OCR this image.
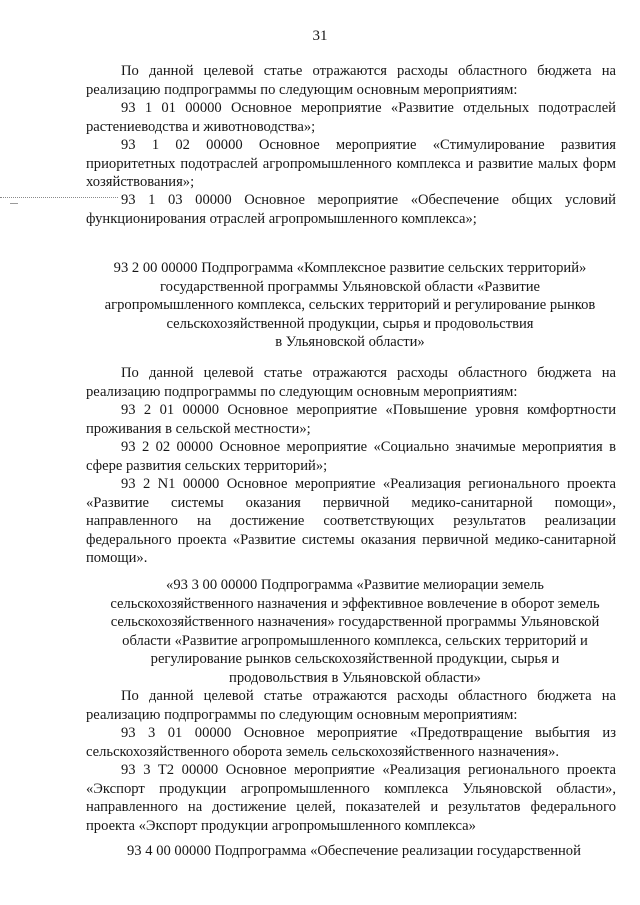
31
По данной целевой статье отражаются расходы областного бюджета на реализацию подпрограммы по следующим основным мероприятиям:
93 1 01 00000 Основное мероприятие «Развитие отдельных подотраслей растениеводства и животноводства»;
93 1 02 00000 Основное мероприятие «Стимулирование развития приоритетных подотраслей агропромышленного комплекса и развитие малых форм хозяйствования»;
93 1 03 00000 Основное мероприятие «Обеспечение общих условий функционирования отраслей агропромышленного комплекса»;
93 2 00 00000 Подпрограмма «Комплексное развитие сельских территорий»
государственной программы Ульяновской области «Развитие
агропромышленного комплекса, сельских территорий и регулирование рынков
сельскохозяйственной продукции, сырья и продовольствия
в Ульяновской области»
По данной целевой статье отражаются расходы областного бюджета на реализацию подпрограммы по следующим основным мероприятиям:
93 2 01 00000 Основное мероприятие «Повышение уровня комфортности проживания в сельской местности»;
93 2 02 00000 Основное мероприятие «Социально значимые мероприятия в сфере развития сельских территорий»;
93 2 N1 00000 Основное мероприятие «Реализация регионального проекта «Развитие системы оказания первичной медико-санитарной помощи», направленного на достижение соответствующих результатов реализации федерального проекта «Развитие системы оказания первичной медико-санитарной помощи».
«93 3 00 00000 Подпрограмма «Развитие мелиорации земель
сельскохозяйственного назначения и эффективное вовлечение в оборот земель
сельскохозяйственного назначения» государственной программы Ульяновской
области «Развитие агропромышленного комплекса, сельских территорий и
регулирование рынков сельскохозяйственной продукции, сырья и
продовольствия в Ульяновской области»
По данной целевой статье отражаются расходы областного бюджета на реализацию подпрограммы по следующим основным мероприятиям:
93 3 01 00000 Основное мероприятие «Предотвращение выбытия из сельскохозяйственного оборота земель сельскохозяйственного назначения».
93 3 T2 00000 Основное мероприятие «Реализация регионального проекта «Экспорт продукции агропромышленного комплекса Ульяновской области», направленного на достижение целей, показателей и результатов федерального проекта «Экспорт продукции агропромышленного комплекса»
93 4 00 00000 Подпрограмма «Обеспечение реализации государственной
